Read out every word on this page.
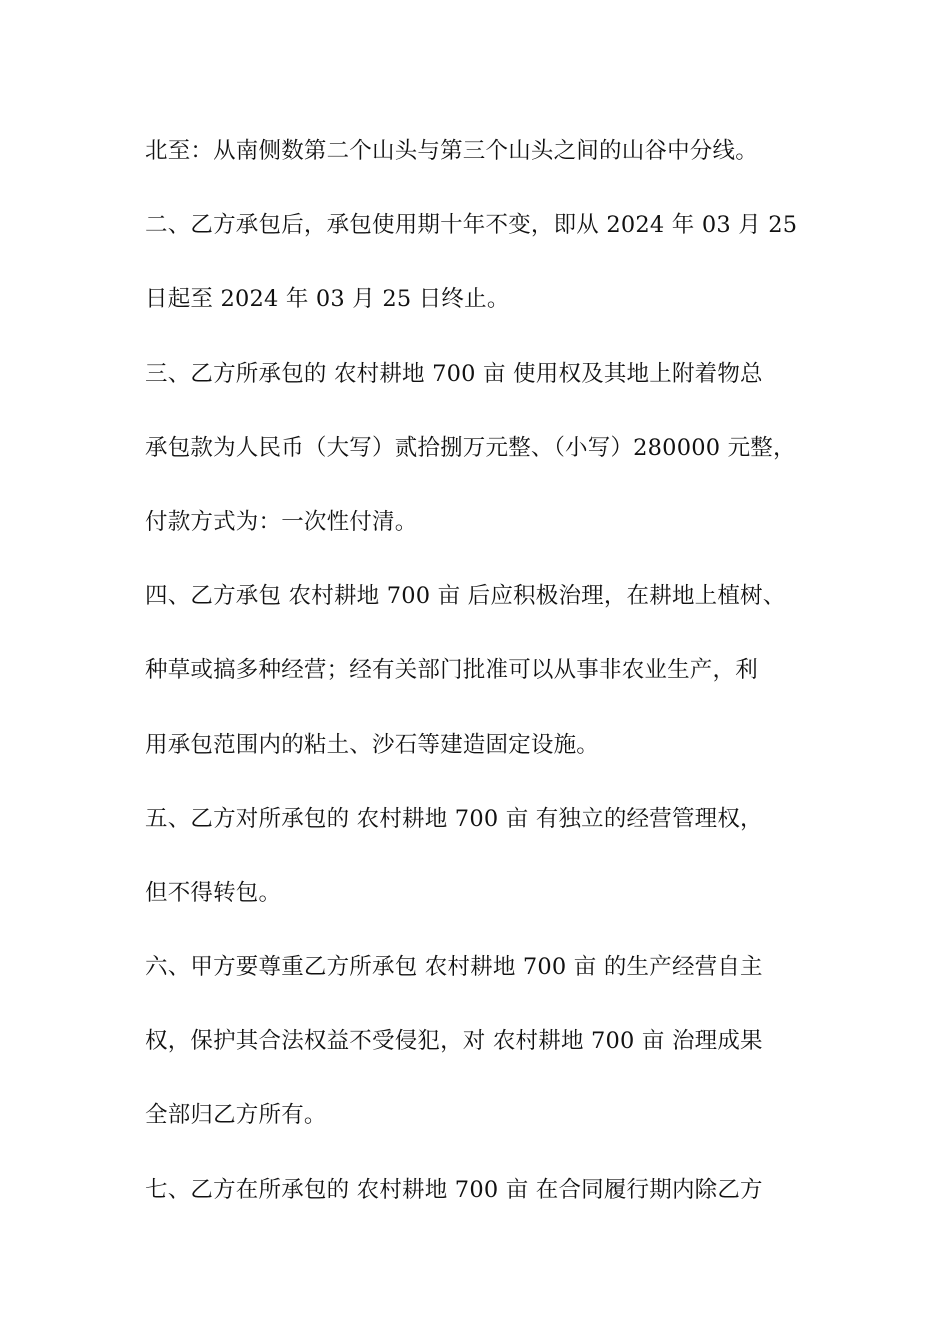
北至：从南侧数第二个山头与第三个山头之间的山谷中分线。
二、乙方承包后，承包使用期十年不变，即从 2024 年 03 月 25
日起至 2024 年 03 月 25 日终止。
三、乙方所承包的 农村耕地 700 亩 使用权及其地上附着物总
承包款为人民币（大写）贰拾捌万元整、（小写）280000 元整，
付款方式为：一次性付清。
四、乙方承包 农村耕地 700 亩 后应积极治理，在耕地上植树、
种草或搞多种经营；经有关部门批准可以从事非农业生产，利
用承包范围内的粘土、沙石等建造固定设施。
五、乙方对所承包的 农村耕地 700 亩 有独立的经营管理权，
但不得转包。
六、甲方要尊重乙方所承包 农村耕地 700 亩 的生产经营自主
权，保护其合法权益不受侵犯，对 农村耕地 700 亩 治理成果
全部归乙方所有。
七、乙方在所承包的 农村耕地 700 亩 在合同履行期内除乙方
